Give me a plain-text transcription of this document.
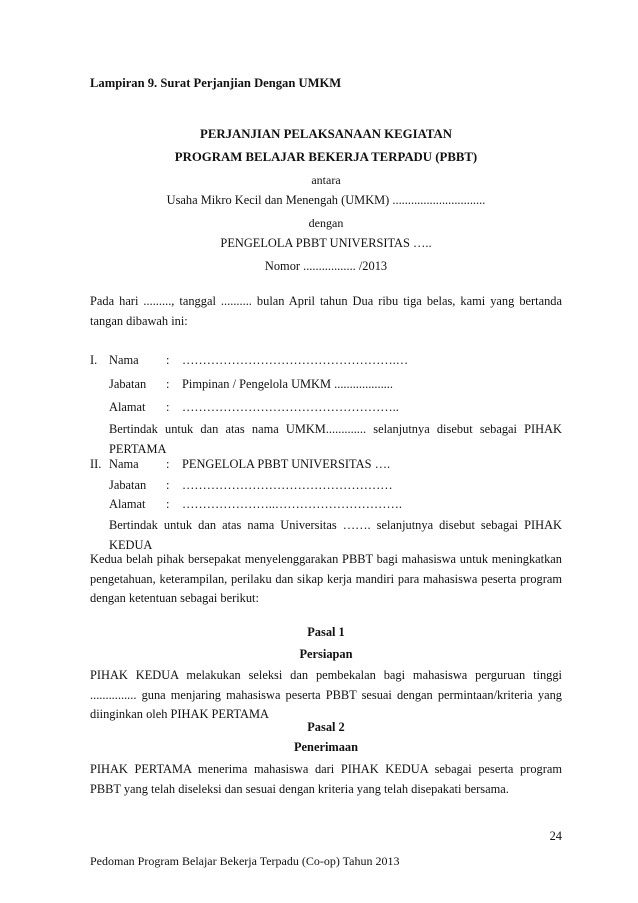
Lampiran 9. Surat Perjanjian Dengan UMKM
PERJANJIAN PELAKSANAAN KEGIATAN
PROGRAM BELAJAR BEKERJA TERPADU (PBBT)
antara
Usaha Mikro Kecil dan Menengah (UMKM) ..............................
dengan
PENGELOLA PBBT UNIVERSITAS …..
Nomor ................. /2013
Pada hari ........., tanggal .......... bulan April tahun Dua ribu tiga belas, kami yang bertanda tangan dibawah ini:
I. Nama : …………………………………………….…
Jabatan : Pimpinan / Pengelola UMKM ...................
Alamat : ……………………………………………..
Bertindak untuk dan atas nama UMKM............. selanjutnya disebut sebagai PIHAK PERTAMA
II. Nama : PENGELOLA PBBT UNIVERSITAS ….
Jabatan : ……………………………………………
Alamat : …………………..………………………….
Bertindak untuk dan atas nama Universitas ……. selanjutnya disebut sebagai PIHAK KEDUA
Kedua belah pihak bersepakat menyelenggarakan PBBT bagi mahasiswa untuk meningkatkan pengetahuan, keterampilan, perilaku dan sikap kerja mandiri para mahasiswa peserta program dengan ketentuan sebagai berikut:
Pasal 1
Persiapan
PIHAK KEDUA melakukan seleksi dan pembekalan bagi mahasiswa perguruan tinggi ............... guna menjaring mahasiswa peserta PBBT sesuai dengan permintaan/kriteria yang diinginkan oleh PIHAK PERTAMA
Pasal 2
Penerimaan
PIHAK PERTAMA menerima mahasiswa dari PIHAK KEDUA sebagai peserta program PBBT yang telah diseleksi dan sesuai dengan kriteria yang telah disepakati bersama.
24
Pedoman Program Belajar Bekerja Terpadu (Co-op) Tahun 2013
